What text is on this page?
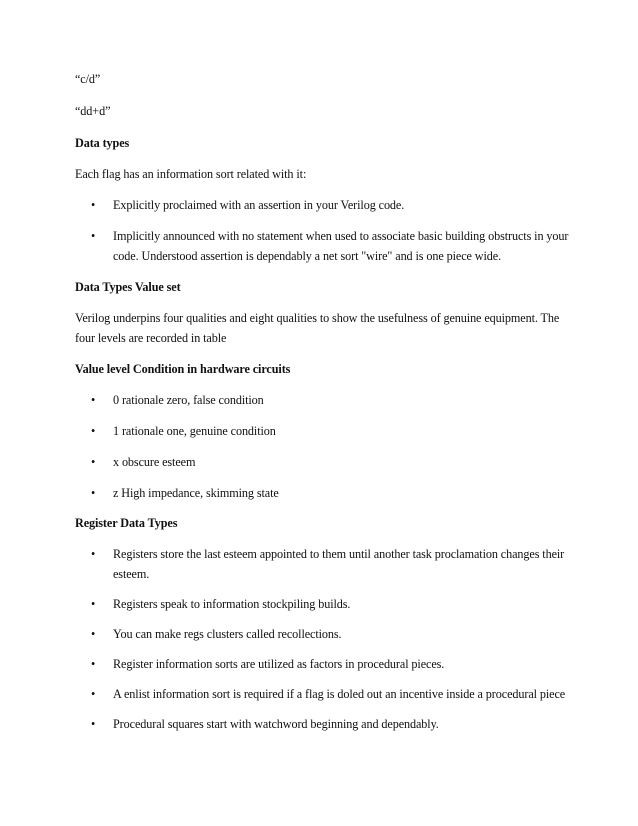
“c/d”
“dd+d”
Data types
Each flag has an information sort related with it:
• Explicitly proclaimed with an assertion in your Verilog code.
• Implicitly announced with no statement when used to associate basic building obstructs in your
code. Understood assertion is dependably a net sort "wire" and is one piece wide.
Data Types Value set
Verilog underpins four qualities and eight qualities to show the usefulness of genuine equipment. The
four levels are recorded in table
Value level Condition in hardware circuits
• 0 rationale zero, false condition
• 1 rationale one, genuine condition
• x obscure esteem
• z High impedance, skimming state
Register Data Types
• Registers store the last esteem appointed to them until another task proclamation changes their
esteem.
• Registers speak to information stockpiling builds.
• You can make regs clusters called recollections.
• Register information sorts are utilized as factors in procedural pieces.
• A enlist information sort is required if a flag is doled out an incentive inside a procedural piece
• Procedural squares start with watchword beginning and dependably.
